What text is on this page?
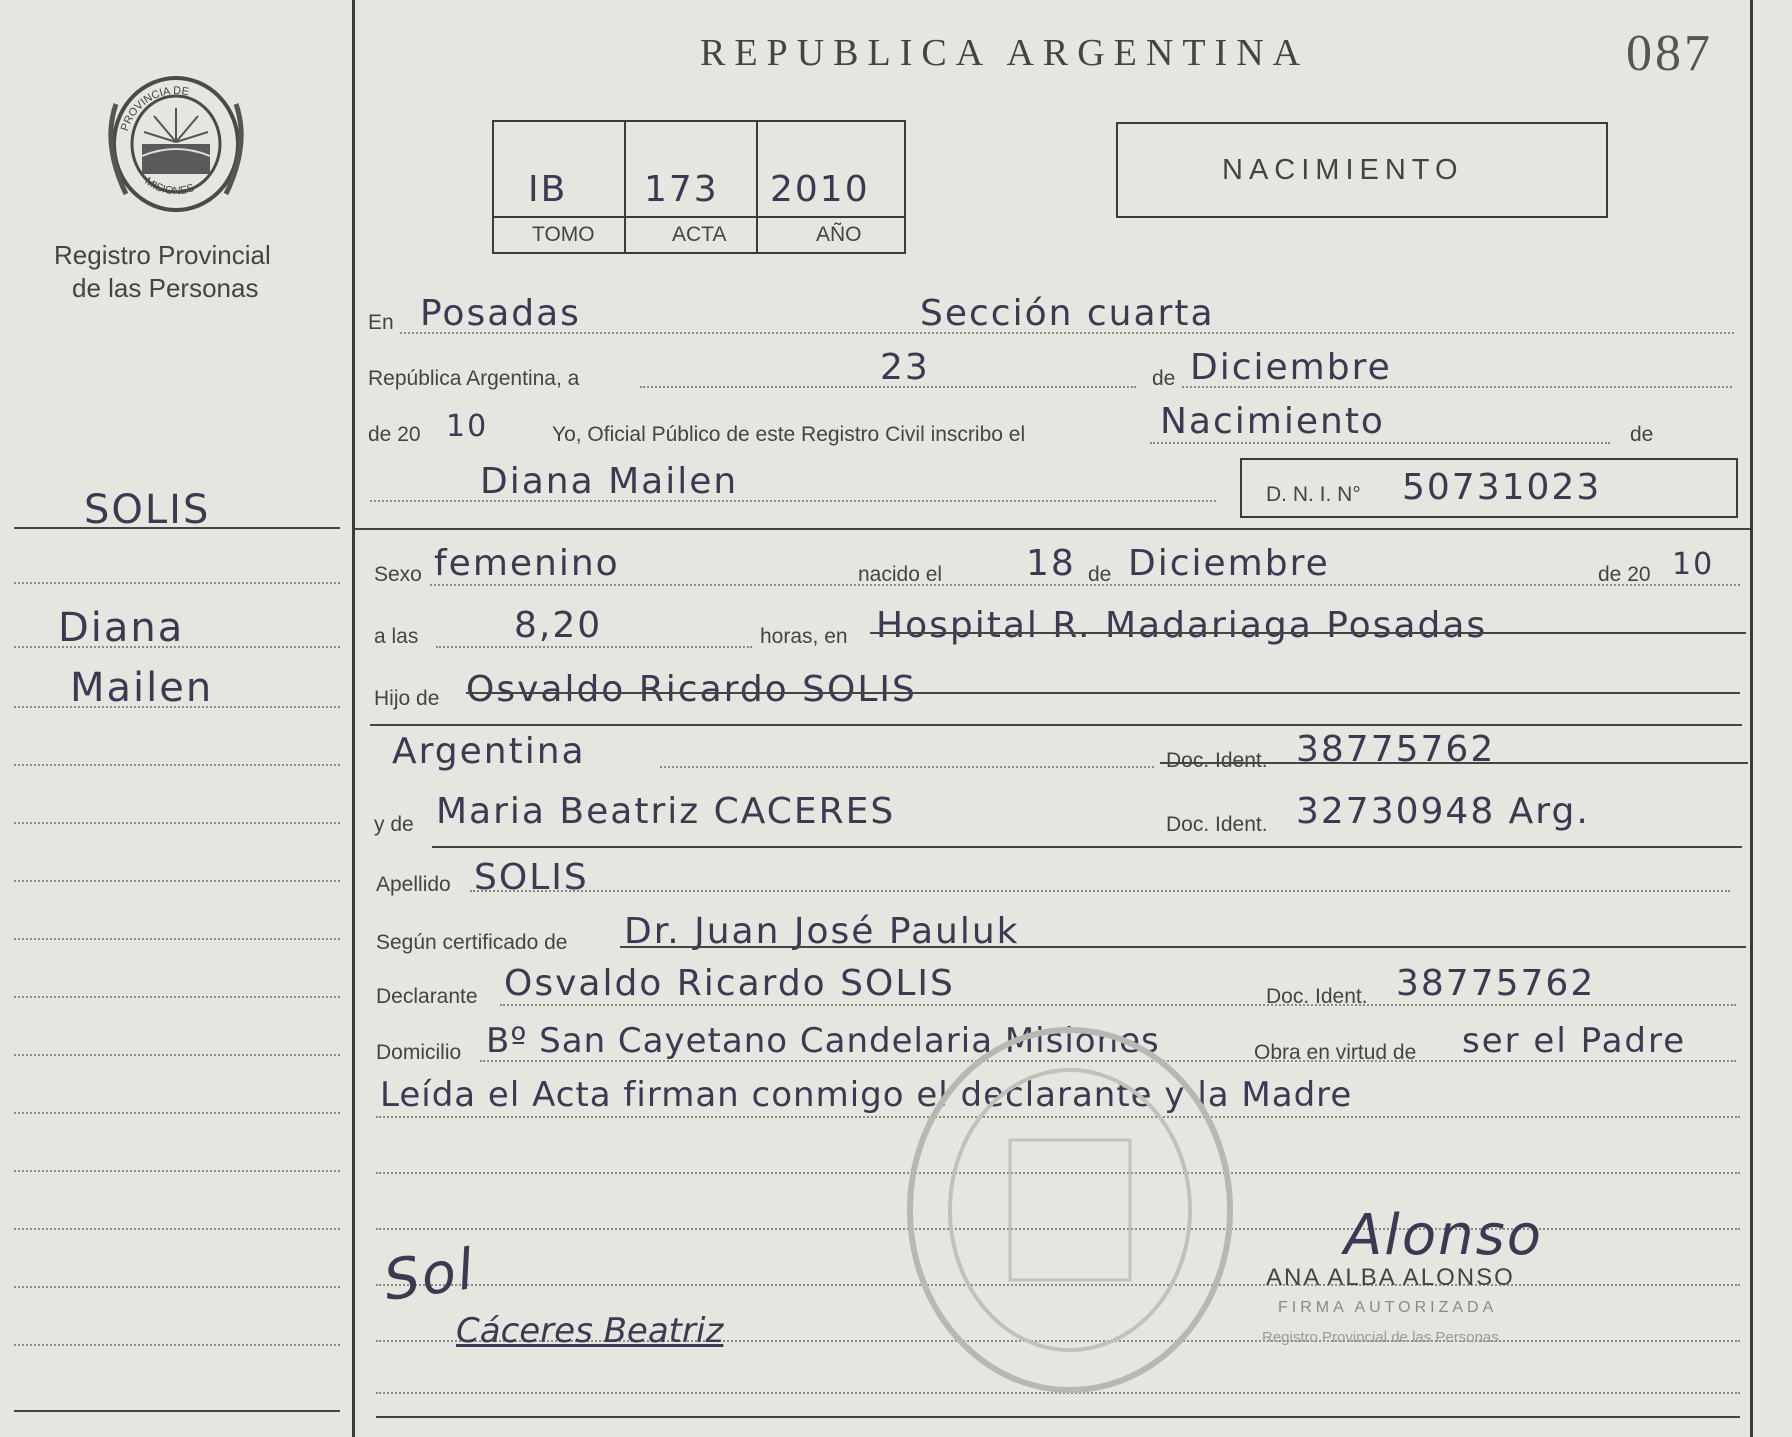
PROVINCIA DE
MISIONES
Registro Provincial
de las Personas
REPUBLICA ARGENTINA	087
IB 173 2010
TOMO	ACTA	AÑO
NACIMIENTO
SOLIS
Diana
Mailen
En Posadas	Sección cuarta
República Argentina, a	23	de Diciembre
de 20 10	Yo, Oficial Público de este Registro Civil inscribo el	Nacimiento	de
Diana Mailen	D. N. I. N° 50731023
Sexo femenino	nacido el 18 de Diciembre	de 20 10
a las	8,20	horas, en Hospital R. Madariaga Posadas
Hijo de Osvaldo Ricardo SOLIS
Argentina	Doc. Ident. 38775762
y de Maria Beatriz CACERES	Doc. Ident. 32730948 Arg.
Apellido SOLIS
Según certificado de Dr. Juan José Pauluk
Declarante Osvaldo Ricardo SOLIS	Doc. Ident. 38775762
Domicilio Bº San Cayetano Candelaria Misiones	Obra en virtud de ser el Padre
Leída el Acta firman conmigo el declarante y la Madre
Sol
Cáceres Beatriz
Alonso
ANA ALBA ALONSO
FIRMA AUTORIZADA
Registro Provincial de las Personas
